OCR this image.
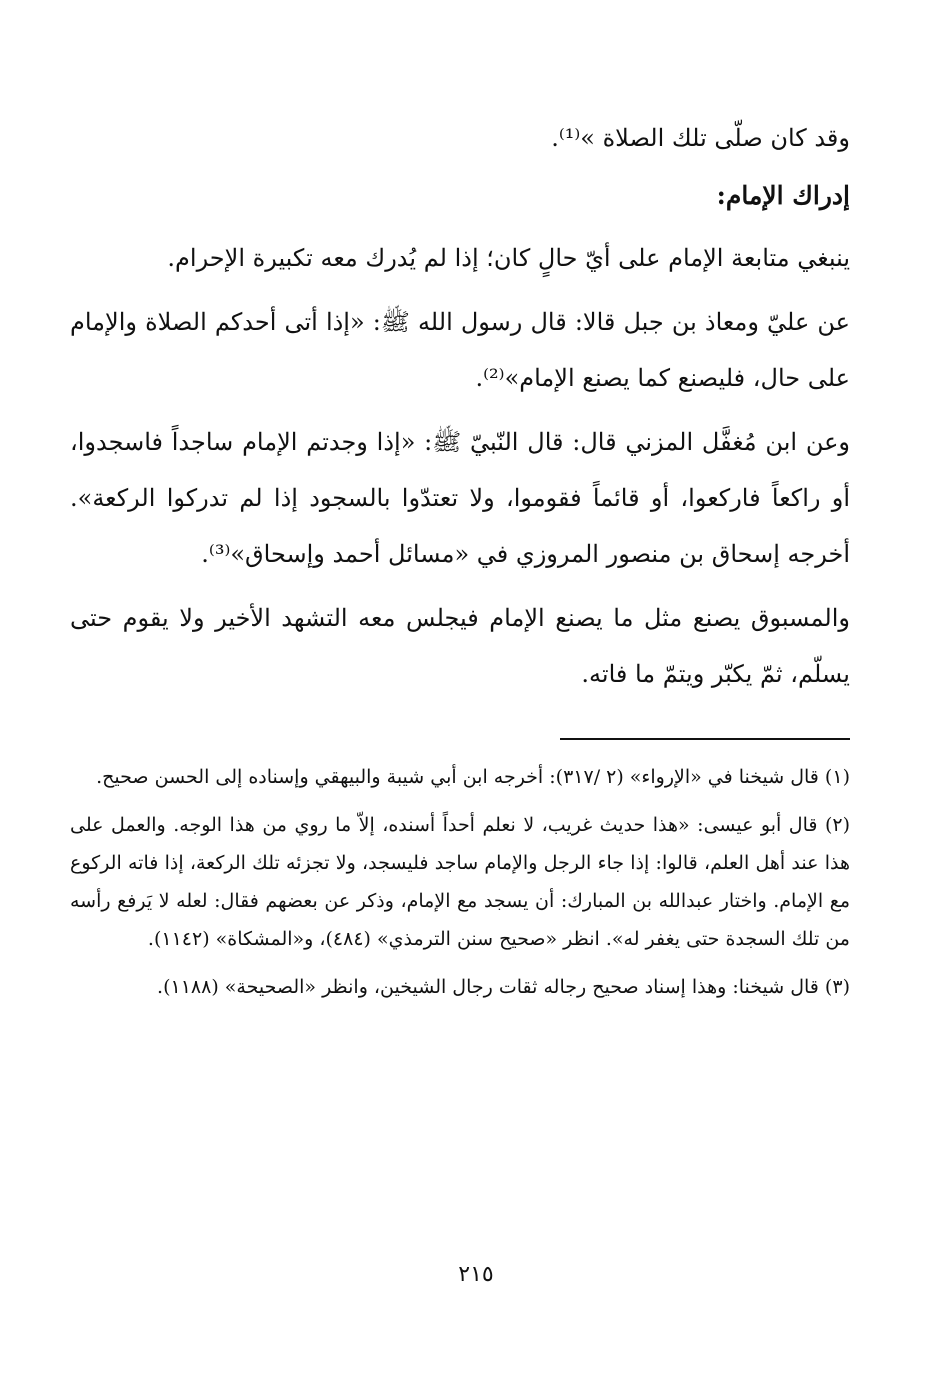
وقد كان صلّى تلك الصلاة »⁽¹⁾.

إدراك الإمام:

ينبغي متابعة الإمام على أيّ حالٍ كان؛ إذا لم يُدرك معه تكبيرة الإحرام.

عن عليّ ومعاذ بن جبل قالا: قال رسول الله ﷺ: «إذا أتى أحدكم الصلاة والإمام على حال، فليصنع كما يصنع الإمام»⁽²⁾.

وعن ابن مُغفَّل المزني قال: قال النّبيّ ﷺ: «إذا وجدتم الإمام ساجداً فاسجدوا، أو راكعاً فاركعوا، أو قائماً فقوموا، ولا تعتدّوا بالسجود إذا لم تدركوا الركعة». أخرجه إسحاق بن منصور المروزي في «مسائل أحمد وإسحاق»⁽³⁾.

والمسبوق يصنع مثل ما يصنع الإمام فيجلس معه التشهد الأخير ولا يقوم حتى يسلّم، ثمّ يكبّر ويتمّ ما فاته.

(١) قال شيخنا في «الإرواء» (٢ /٣١٧): أخرجه ابن أبي شيبة والبيهقي وإسناده إلى الحسن صحيح.

(٢) قال أبو عيسى: «هذا حديث غريب، لا نعلم أحداً أسنده، إلاّ ما روي من هذا الوجه. والعمل على هذا عند أهل العلم، قالوا: إذا جاء الرجل والإمام ساجد فليسجد، ولا تجزئه تلك الركعة، إذا فاته الركوع مع الإمام. واختار عبدالله بن المبارك: أن يسجد مع الإمام، وذكر عن بعضهم فقال: لعله لا يَرفع رأسه من تلك السجدة حتى يغفر له». انظر «صحيح سنن الترمذي» (٤٨٤)، و«المشكاة» (١١٤٢).

(٣) قال شيخنا: وهذا إسناد صحيح رجاله ثقات رجال الشيخين، وانظر «الصحيحة» (١١٨٨).

٢١٥
